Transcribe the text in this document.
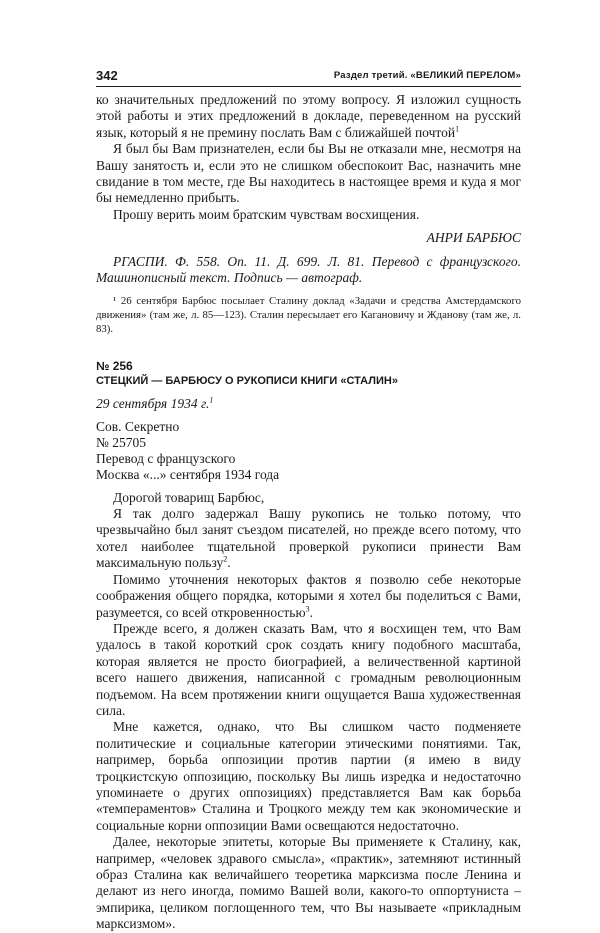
342	Раздел третий. «ВЕЛИКИЙ ПЕРЕЛОМ»

ко значительных предложений по этому вопросу. Я изложил сущность этой работы и этих предложений в докладе, переведенном на русский язык, который я не премину послать Вам с ближайшей почтой$^1$

Я был бы Вам признателен, если бы Вы не отказали мне, несмотря на Вашу занятость и, если это не слишком обеспокоит Вас, назначить мне свидание в том месте, где Вы находитесь в настоящее время и куда я мог бы немедленно прибыть.

Прошу верить моим братским чувствам восхищения.

АНРИ БАРБЮС

РГАСПИ. Ф. 558. Оп. 11. Д. 699. Л. 81. Перевод с французского. Машинописный текст. Подпись — автограф.

¹ 26 сентября Барбюс посылает Сталину доклад «Задачи и средства Амстердамского движения» (там же, л. 85—123). Сталин пересылает его Кагановичу и Жданову (там же, л. 83).

№ 256
СТЕЦКИЙ — БАРБЮСУ О РУКОПИСИ КНИГИ «СТАЛИН»

29 сентября 1934 г.$^1$

Сов. Секретно
№ 25705
Перевод с французского
Москва «...» сентября 1934 года

Дорогой товарищ Барбюс,

Я так долго задержал Вашу рукопись не только потому, что чрезвычайно был занят съездом писателей, но прежде всего потому, что хотел наиболее тщательной проверкой рукописи принести Вам максимальную пользу$^2$.

Помимо уточнения некоторых фактов я позволю себе некоторые соображения общего порядка, которыми я хотел бы поделиться с Вами, разумеется, со всей откровенностью$^3$.

Прежде всего, я должен сказать Вам, что я восхищен тем, что Вам удалось в такой короткий срок создать книгу подобного масштаба, которая является не просто биографией, а величественной картиной всего нашего движения, написанной с громадным революционным подъемом. На всем протяжении книги ощущается Ваша художественная сила.

Мне кажется, однако, что Вы слишком часто подменяете политические и социальные категории этическими понятиями. Так, например, борьба оппозиции против партии (я имею в виду троцкистскую оппозицию, поскольку Вы лишь изредка и недостаточно упоминаете о других оппозициях) представляется Вам как борьба «темпераментов» Сталина и Троцкого между тем как экономические и социальные корни оппозиции Вами освещаются недостаточно.

Далее, некоторые эпитеты, которые Вы применяете к Сталину, как, например, «человек здравого смысла», «практик», затемняют истинный образ Сталина как величайшего теоретика марксизма после Ленина и делают из него иногда, помимо Вашей воли, какого-то оппортуниста – эмпирика, целиком поглощенного тем, что Вы называете «прикладным марксизмом».
